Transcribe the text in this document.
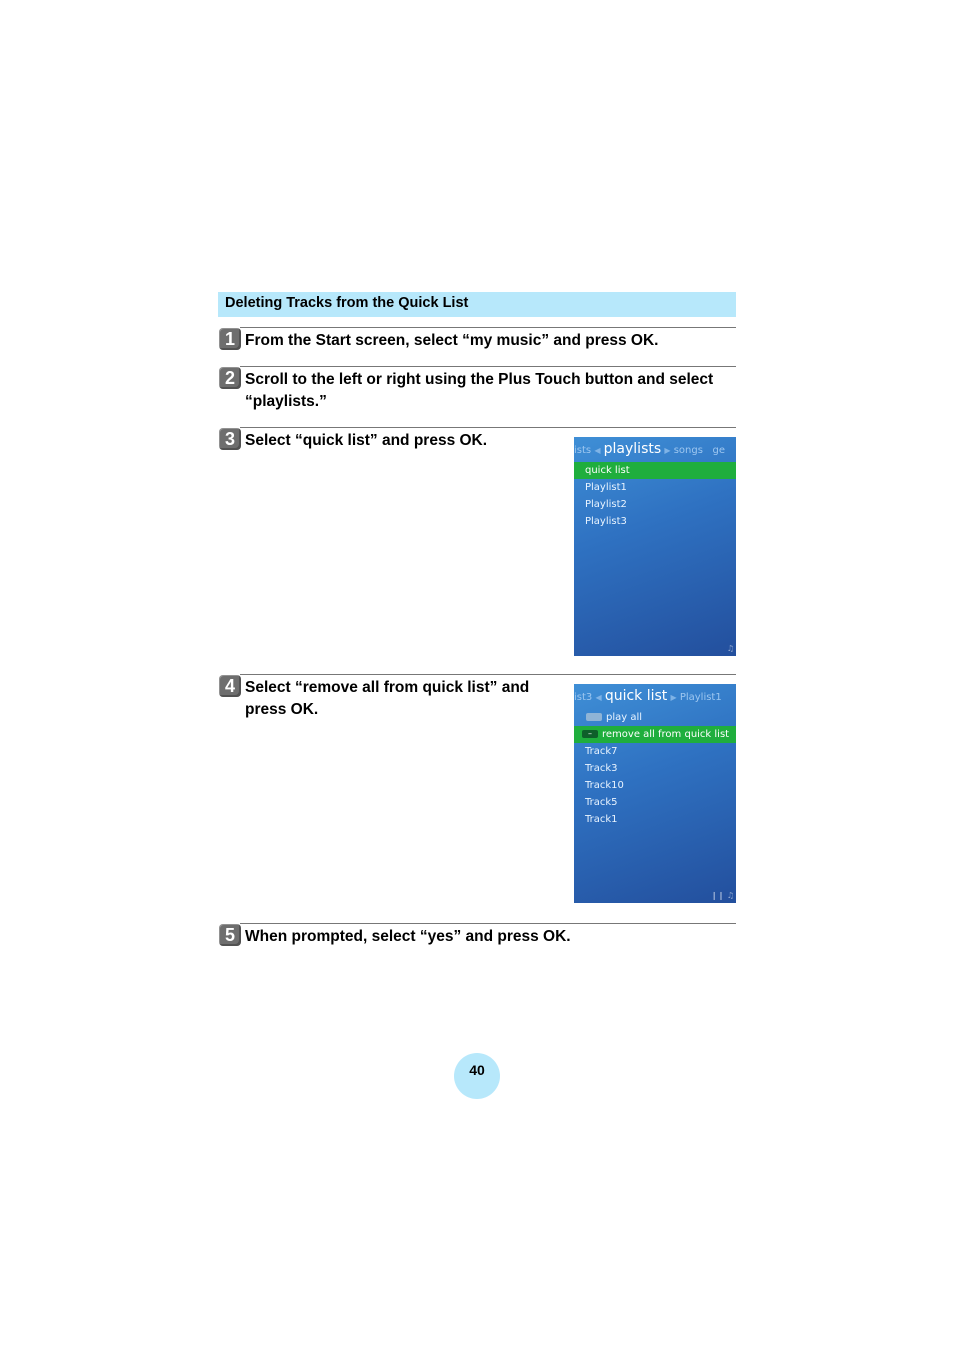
Deleting Tracks from the Quick List
1 From the Start screen, select “my music” and press OK.
2 Scroll to the left or right using the Plus Touch button and select
“playlists.”
3 Select “quick list” and press OK.
ists ◀ playlists ▶ songs ge
quick list
Playlist1
Playlist2
Playlist3
♫
4 Select “remove all from quick list” and
press OK.
ist3 ◀ quick list ▶ Playlist1
play all
– remove all from quick list
Track7
Track3
Track10
Track5
Track1
❙❙ ♫
5 When prompted, select “yes” and press OK.
40
